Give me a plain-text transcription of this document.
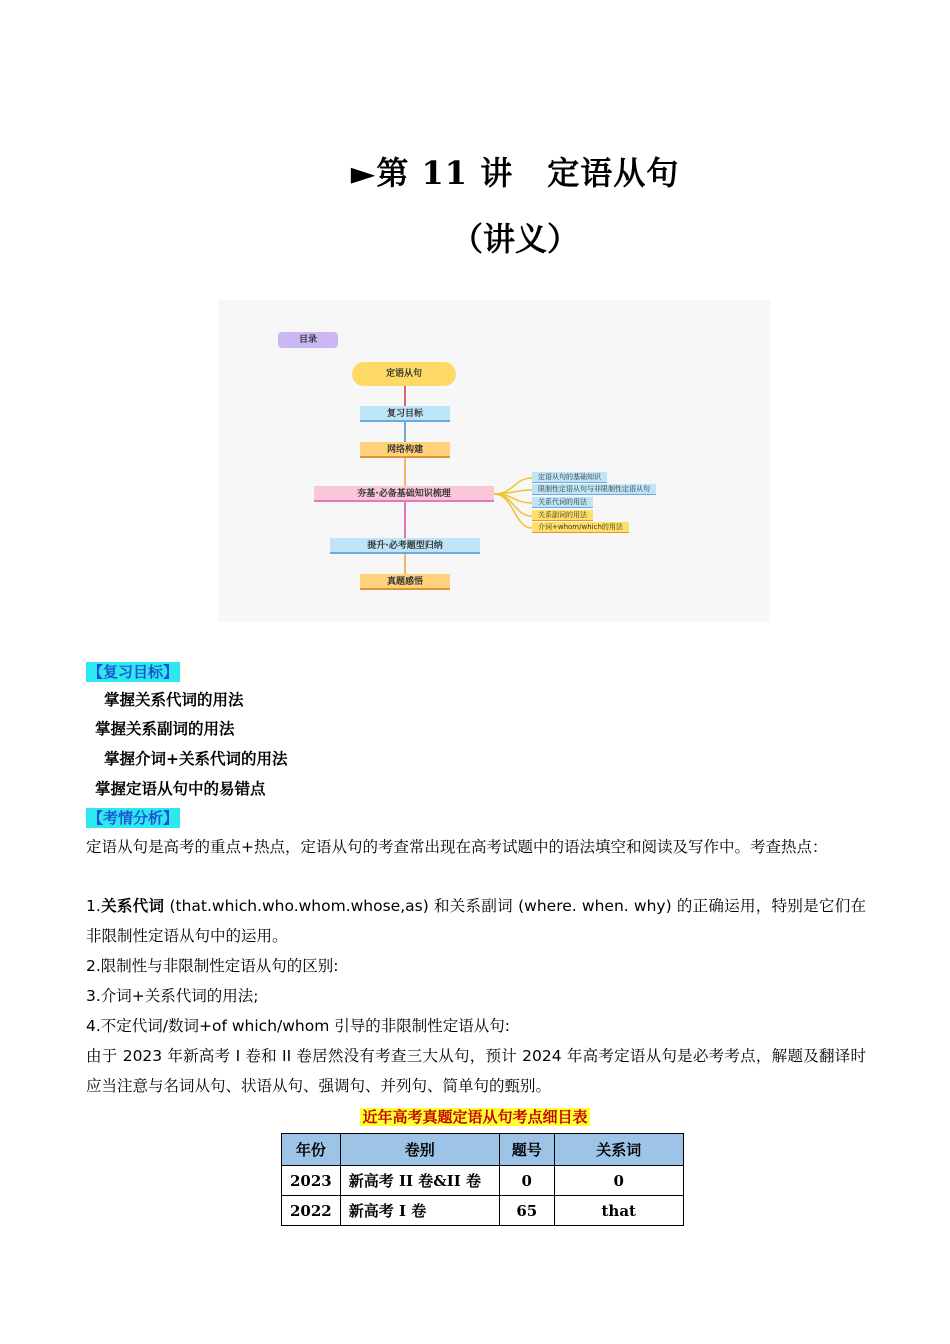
►第 11 讲 定语从句
（讲义）
目录
定语从句
复习目标
网络构建
夯基·必备基础知识梳理
提升·必考题型归纳
真题感悟
定语从句的基础知识
限制性定语从句与非限制性定语从句
关系代词的用法
关系副词的用法
介词+whom/which的用法
【复习目标】
掌握关系代词的用法
掌握关系副词的用法
掌握介词+关系代词的用法
掌握定语从句中的易错点
【考情分析】
定语从句是高考的重点+热点，定语从句的考查常出现在高考试题中的语法填空和阅读及写作中。考查热点：
1.关系代词 (that.which.who.whom.whose,as) 和关系副词 (where. when. why) 的正确运用，特别是它们在非限制性定语从句中的运用。
2.限制性与非限制性定语从句的区别:
3.介词+关系代词的用法;
4.不定代词/数词+of which/whom 引导的非限制性定语从句:
由于 2023 年新高考 I 卷和 II 卷居然没有考查三大从句，预计 2024 年高考定语从句是必考考点，解题及翻译时应当注意与名词从句、状语从句、强调句、并列句、简单句的甄别。
近年高考真题定语从句考点细目表
年份	卷别	题号	关系词
2023	新高考 II 卷&II 卷	0	0
2022	新高考 I 卷	65	that
